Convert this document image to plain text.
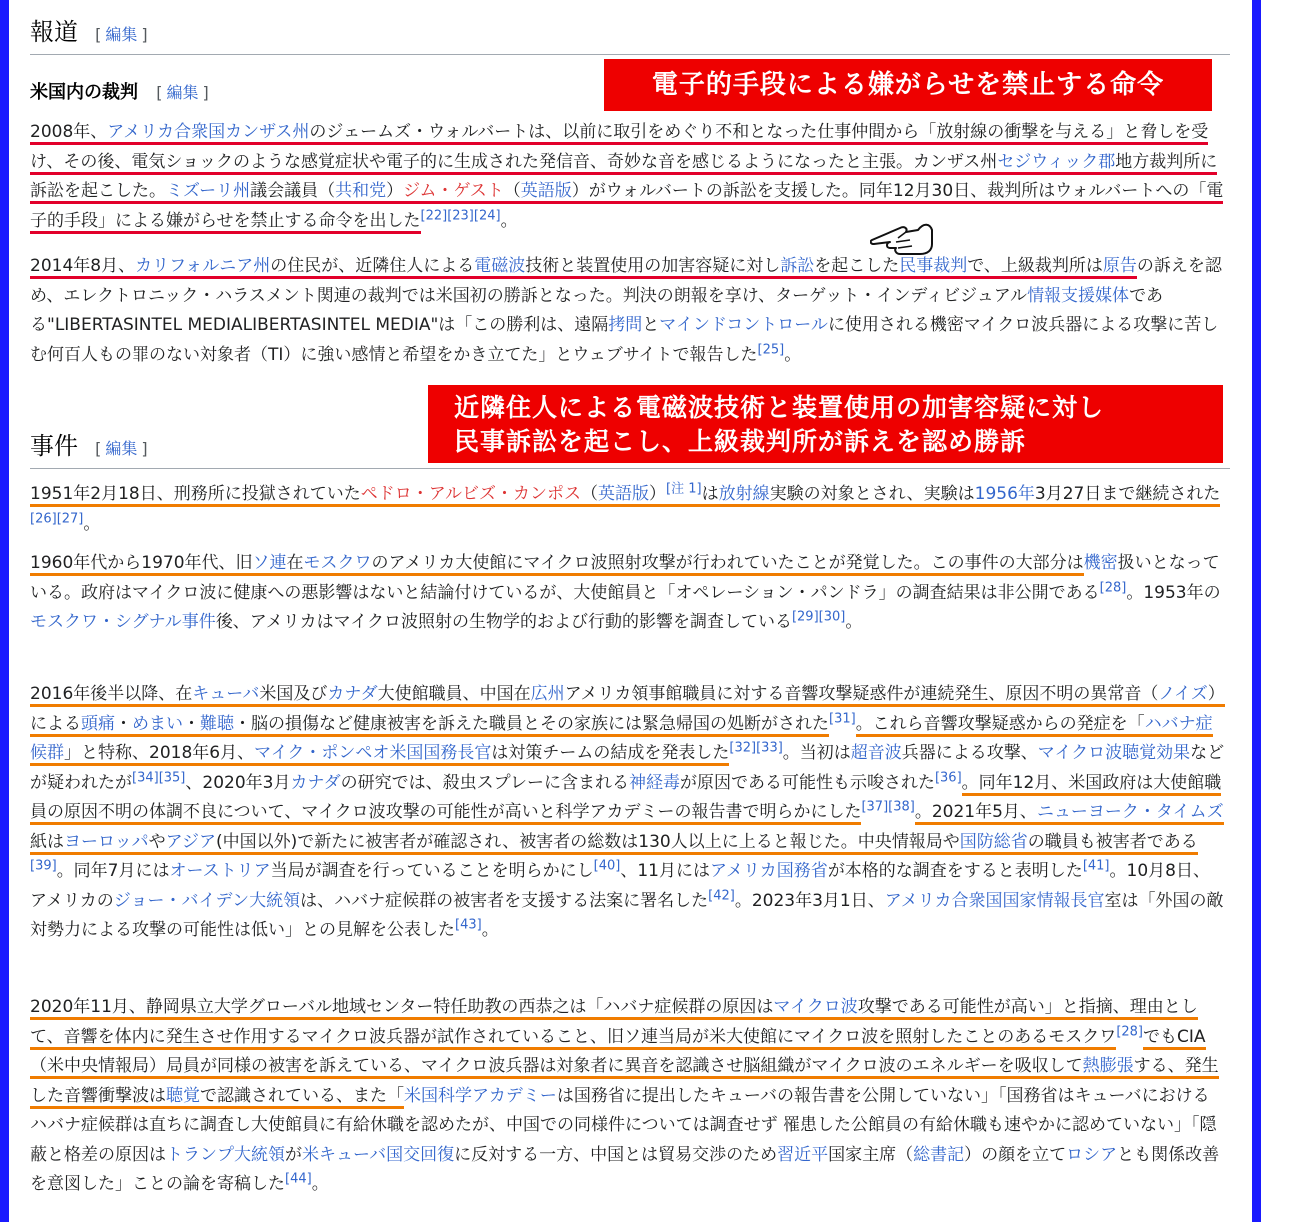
報道 [ 編集 ]
米国内の裁判 [ 編集 ]

2008年、アメリカ合衆国カンザス州のジェームズ・ウォルバートは、以前に取引をめぐり不和となった仕事仲間から「放射線の衝撃を与える」と脅しを受け、その後、電気ショックのような感覚症状や電子的に生成された発信音、奇妙な音を感じるようになったと主張。カンザス州セジウィック郡地方裁判所に訴訟を起こした。ミズーリ州議会議員（共和党）ジム・ゲスト（英語版）がウォルバートの訴訟を支援した。同年12月30日、裁判所はウォルバートへの「電子的手段」による嫌がらせを禁止する命令を出した[22][23][24]。

2014年8月、カリフォルニア州の住民が、近隣住人による電磁波技術と装置使用の加害容疑に対し訴訟を起こした民事裁判で、上級裁判所は原告の訴えを認め、エレクトロニック・ハラスメント関連の裁判では米国初の勝訴となった。判決の朗報を享け、ターゲット・インディビジュアル情報支援媒体である"LIBERTASINTEL MEDIALIBERTASINTEL MEDIA"は「この勝利は、遠隔拷問とマインドコントロールに使用される機密マイクロ波兵器による攻撃に苦しむ何百人もの罪のない対象者（TI）に強い感情と希望をかき立てた」とウェブサイトで報告した[25]。

事件 [ 編集 ]

1951年2月18日、刑務所に投獄されていたペドロ・アルビズ・カンポス（英語版）[注 1]は放射線実験の対象とされ、実験は1956年3月27日まで継続された[26][27]。

1960年代から1970年代、旧ソ連在モスクワのアメリカ大使館にマイクロ波照射攻撃が行われていたことが発覚した。この事件の大部分は機密扱いとなっている。政府はマイクロ波に健康への悪影響はないと結論付けているが、大使館員と「オペレーション・パンドラ」の調査結果は非公開である[28]。1953年のモスクワ・シグナル事件後、アメリカはマイクロ波照射の生物学的および行動的影響を調査している[29][30]。

2016年後半以降、在キューバ米国及びカナダ大使館職員、中国在広州アメリカ領事館職員に対する音響攻撃疑惑件が連続発生、原因不明の異常音（ノイズ）による頭痛・めまい・難聴・脳の損傷など健康被害を訴えた職員とその家族には緊急帰国の処断がされた[31]。これら音響攻撃疑惑からの発症を「ハバナ症候群」と特称、2018年6月、マイク・ポンペオ米国国務長官は対策チームの結成を発表した[32][33]。当初は超音波兵器による攻撃、マイクロ波聴覚効果などが疑われたが[34][35]、2020年3月カナダの研究では、殺虫スプレーに含まれる神経毒が原因である可能性も示唆された[36]。同年12月、米国政府は大使館職員の原因不明の体調不良について、マイクロ波攻撃の可能性が高いと科学アカデミーの報告書で明らかにした[37][38]。2021年5月、ニューヨーク・タイムズ紙はヨーロッパやアジア(中国以外)で新たに被害者が確認され、被害者の総数は130人以上に上ると報じた。中央情報局や国防総省の職員も被害者である[39]。同年7月にはオーストリア当局が調査を行っていることを明らかにし[40]、11月にはアメリカ国務省が本格的な調査をすると表明した[41]。10月8日、アメリカのジョー・バイデン大統領は、ハバナ症候群の被害者を支援する法案に署名した[42]。2023年3月1日、アメリカ合衆国国家情報長官室は「外国の敵対勢力による攻撃の可能性は低い」との見解を公表した[43]。

2020年11月、静岡県立大学グローバル地域センター特任助教の西恭之は「ハバナ症候群の原因はマイクロ波攻撃である可能性が高い」と指摘、理由として、音響を体内に発生させ作用するマイクロ波兵器が試作されていること、旧ソ連当局が米大使館にマイクロ波を照射したことのあるモスクワ[28]でもCIA（米中央情報局）局員が同様の被害を訴えている、マイクロ波兵器は対象者に異音を認識させ脳組織がマイクロ波のエネルギーを吸収して熱膨張する、発生した音響衝撃波は聴覚で認識されている、また「米国科学アカデミーは国務省に提出したキューバの報告書を公開していない」「国務省はキューバにおけるハバナ症候群は直ちに調査し大使館員に有給休職を認めたが、中国での同様件については調査せず 罹患した公館員の有給休職も速やかに認めていない」「隠蔽と格差の原因はトランプ大統領が米キューバ国交回復に反対する一方、中国とは貿易交渉のため習近平国家主席（総書記）の顔を立てロシアとも関係改善を意図した」ことの論を寄稿した[44]。

電子的手段による嫌がらせを禁止する命令
近隣住人による電磁波技術と装置使用の加害容疑に対し
民事訴訟を起こし、上級裁判所が訴えを認め勝訴
